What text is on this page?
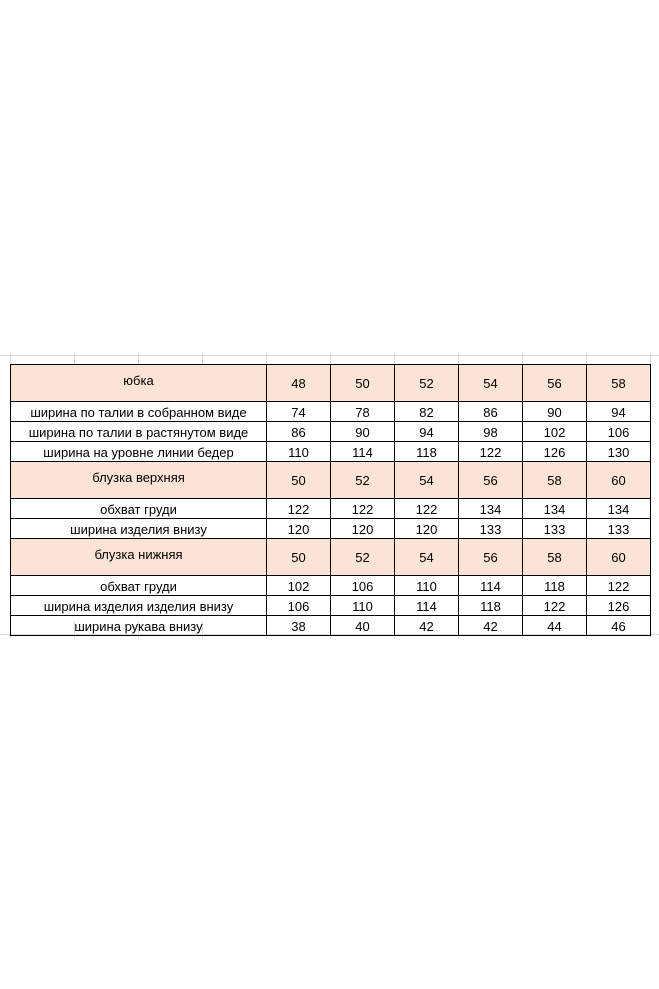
юбка	48	50	52	54	56	58
ширина по талии в собранном виде	74	78	82	86	90	94
ширина по талии в растянутом виде	86	90	94	98	102	106
ширина на уровне линии бедер	110	114	118	122	126	130
блузка верхняя	50	52	54	56	58	60
обхват груди	122	122	122	134	134	134
ширина изделия внизу	120	120	120	133	133	133
блузка нижняя	50	52	54	56	58	60
обхват груди	102	106	110	114	118	122
ширина изделия изделия внизу	106	110	114	118	122	126
ширина рукава внизу	38	40	42	42	44	46
